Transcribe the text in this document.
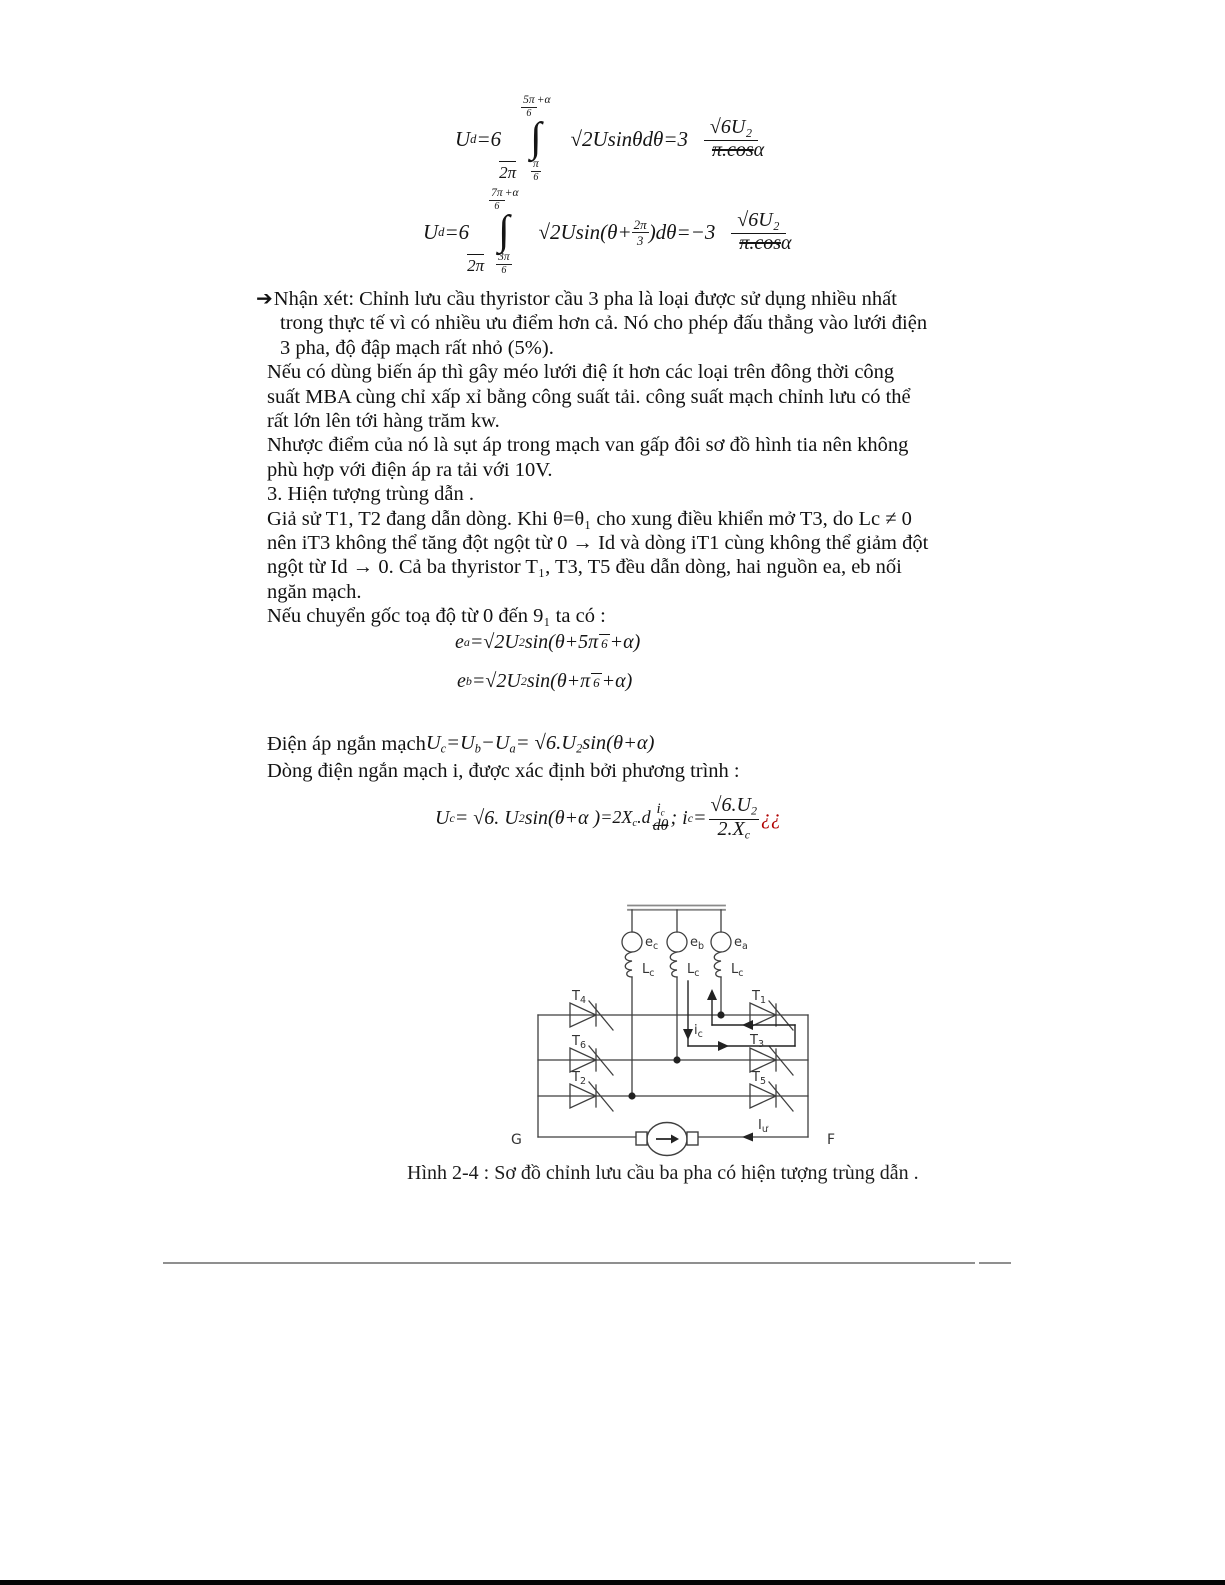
U d =6
2π
5π
6
+α
∫
π
6
$√2Usin\theta d\theta=3 \frac{\text{√6U₂}}{\pi.\cos\alpha}$
U d =6
2π
7π
6
+α
∫
3π
6
$√2Usin(\theta+ \frac{2\pi}{3} )d\theta=-3 \frac{\text{√6U₂}}{\pi.\cos\alpha}$
➔Nhận xét: Chỉnh lưu cầu thyristor cầu 3 pha là loại được sử dụng nhiều nhất
trong thực tế vì có nhiều ưu điểm hơn cả. Nó cho phép đấu thẳng vào lưới điện
3 pha, độ đập mạch rất nhỏ (5%).
Nếu có dùng biến áp thì gây méo lưới điệ ít hơn các loại trên đông thời công
suất MBA cùng chỉ xấp xỉ bằng công suất tải. công suất mạch chỉnh lưu có thể
rất lớn lên tới hàng trăm kw.
Nhược điểm của nó là sụt áp trong mạch van gấp đôi sơ đồ hình tia nên không
phù hợp với điện áp ra tải với 10V.
3. Hiện tượng trùng dẫn .
Giả sử T1, T2 đang dẫn dòng. Khi θ=θ₁ cho xung điều khiển mở T3, do Lc ≠ 0
nên iT3 không thể tăng đột ngột từ 0 → Id và dòng iT1 cùng không thể giảm đột
ngột từ Id → 0. Cả ba thyristor T₁, T3, T5 đều dẫn dòng, hai nguồn ea, eb nối
ngăn mạch.
Nếu chuyển gốc toạ độ từ 0 đến 9₁ ta có :
e a = √2U 2 sin(θ+5π 6 +α)
e b = √2U 2 sin(θ+π 6 +α)
Điện áp ngắn mạch $U_c=U_b-U_a= √6.U_2\sin(\theta+\alpha)$
Dòng điện ngắn mạch i, được xác định bởi phương trình :
U c = √6. U 2 sin(θ+α ) $=2X_c.d$ $i_c$
dθ ; i $c = \frac{√6.U_2}{2.X_c}$ ¿¿
$e_c$ $e_b$ $e_a$
$L_c$	$L_c$ $L_c$
$T_4$
$T_6$
$T_2$
$T_1$
$T_3$
$T_5$
$i_c$
$I_ư$
G	F
Hình 2-4 : Sơ đồ chỉnh lưu cầu ba pha có hiện tượng trùng dẫn .
